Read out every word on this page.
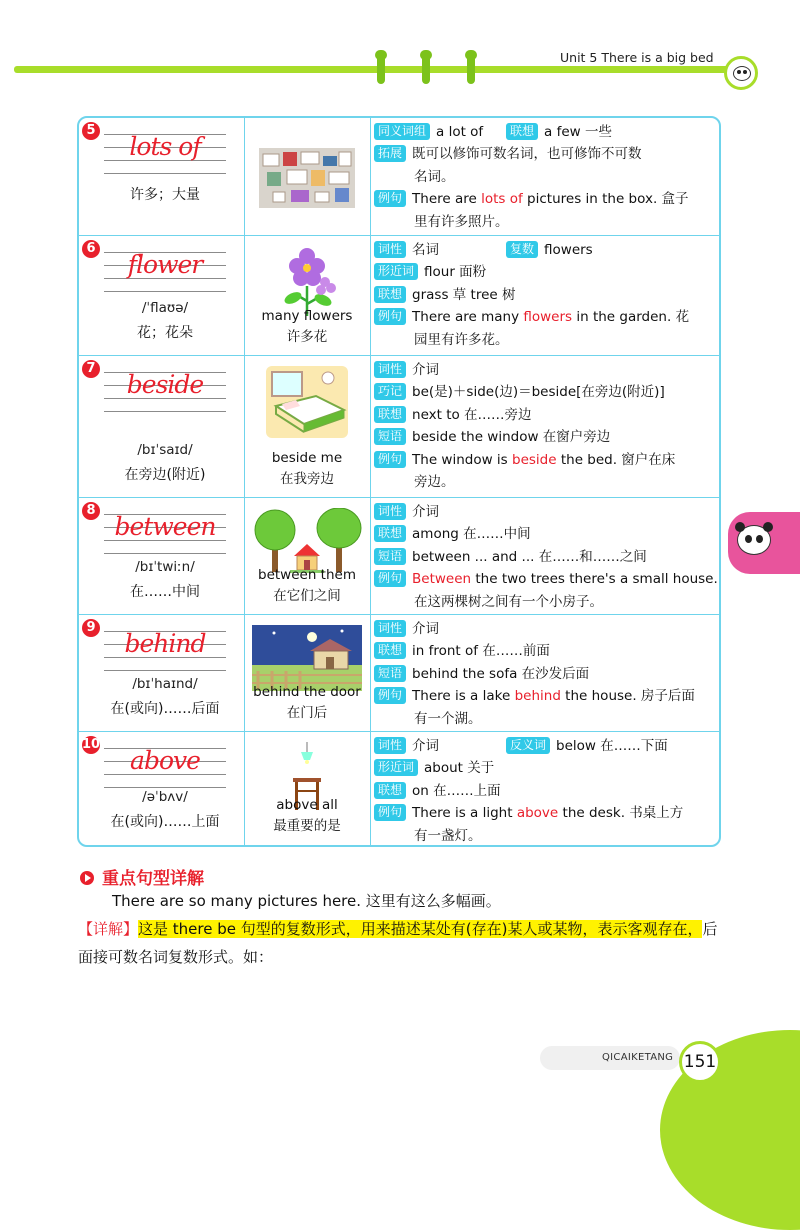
Unit 5 There is a big bed
5
lots of
许多；大量
同义词组 a lot of	联想 a few 一些
拓展 既可以修饰可数名词，也可修饰不可数
名词。
例句 There are lots of pictures in the box. 盒子
里有许多照片。
6
flower
/ˈflaʊə/
花；花朵
many flowers
许多花
词性 名词	复数 flowers
形近词 flour 面粉
联想 grass 草 tree 树
例句 There are many flowers in the garden. 花
园里有许多花。
7
beside
/bɪˈsaɪd/
在旁边(附近)
beside me
在我旁边
词性 介词
巧记 be(是)＋side(边)＝beside[在旁边(附近)]
联想 next to 在……旁边
短语 beside the window 在窗户旁边
例句 The window is beside the bed. 窗户在床
旁边。
8
between
/bɪˈtwiːn/
在……中间
between them
在它们之间
词性 介词
联想 among 在……中间
短语 between ... and ... 在……和……之间
例句 Between the two trees there's a small house.
在这两棵树之间有一个小房子。
9
behind
/bɪˈhaɪnd/
在(或向)……后面
behind the door
在门后
词性 介词
联想 in front of 在……前面
短语 behind the sofa 在沙发后面
例句 There is a lake behind the house. 房子后面
有一个湖。
10
above
/əˈbʌv/
在(或向)……上面
above all
最重要的是
词性 介词	反义词 below 在……下面
形近词 about 关于
联想 on 在……上面
例句 There is a light above the desk. 书桌上方
有一盏灯。
重点句型详解
There are so many pictures here. 这里有这么多幅画。
【详解】这是 there be 句型的复数形式，用来描述某处有(存在)某人或某物，表示客观存在，后面接可数名词复数形式。如：
QICAIKETANG 151
